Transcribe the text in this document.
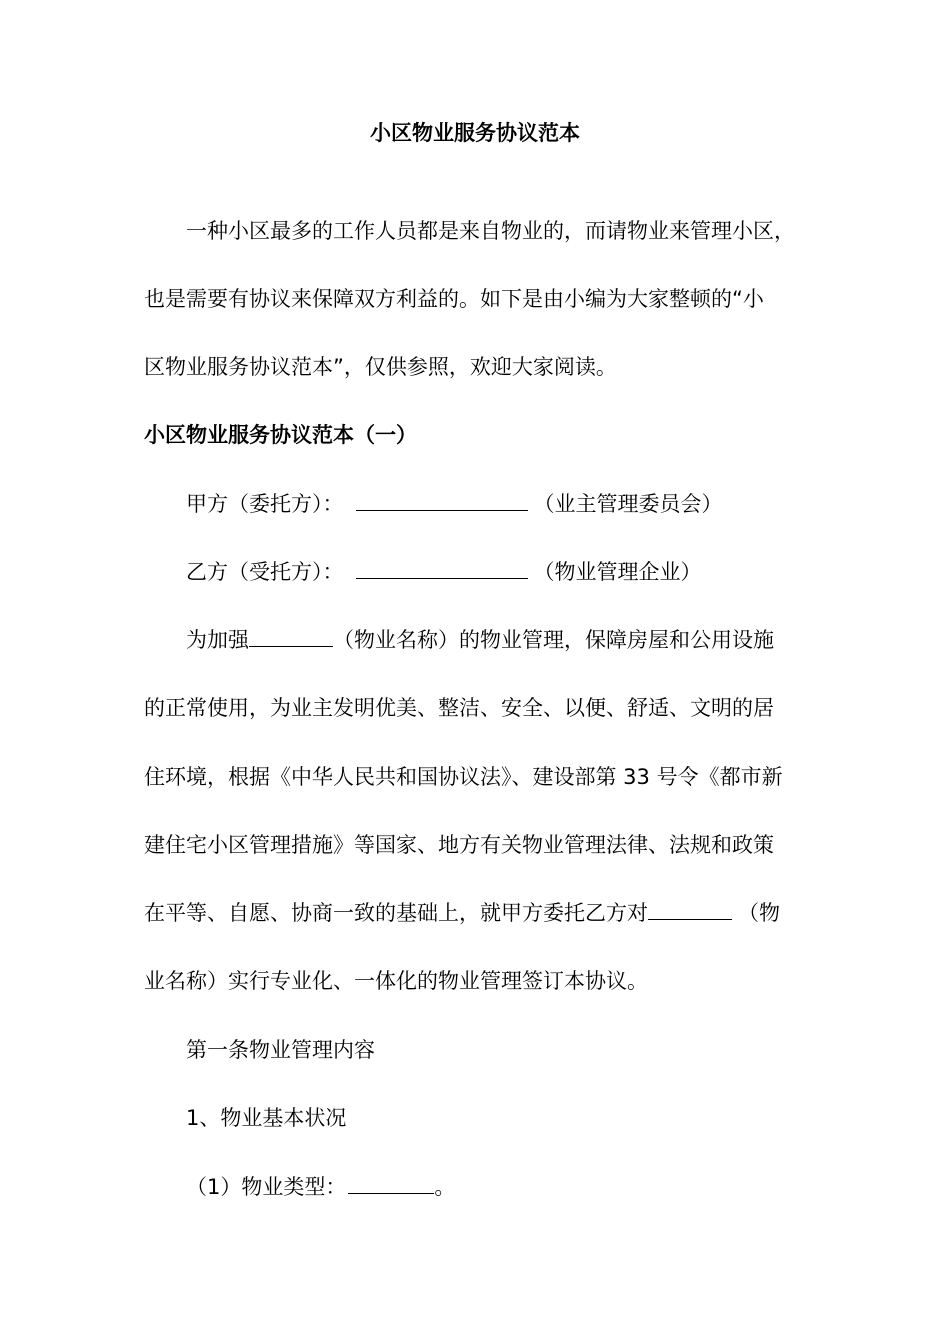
小区物业服务协议范本
一种小区最多的工作人员都是来自物业的，而请物业来管理小区，
也是需要有协议来保障双方利益的。如下是由小编为大家整顿的“小
区物业服务协议范本”，仅供参照，欢迎大家阅读。
小区物业服务协议范本（一）
甲方（委托方）：	（业主管理委员会）
乙方（受托方）：	（物业管理企业）
为加强	（物业名称）的物业管理，保障房屋和公用设施
的正常使用，为业主发明优美、整洁、安全、以便、舒适、文明的居
住环境，根据《中华人民共和国协议法》、建设部第 33 号令《都市新
建住宅小区管理措施》等国家、地方有关物业管理法律、法规和政策
在平等、自愿、协商一致的基础上，就甲方委托乙方对	（物
业名称）实行专业化、一体化的物业管理签订本协议。
第一条物业管理内容
1、物业基本状况
（1）物业类型：	。
